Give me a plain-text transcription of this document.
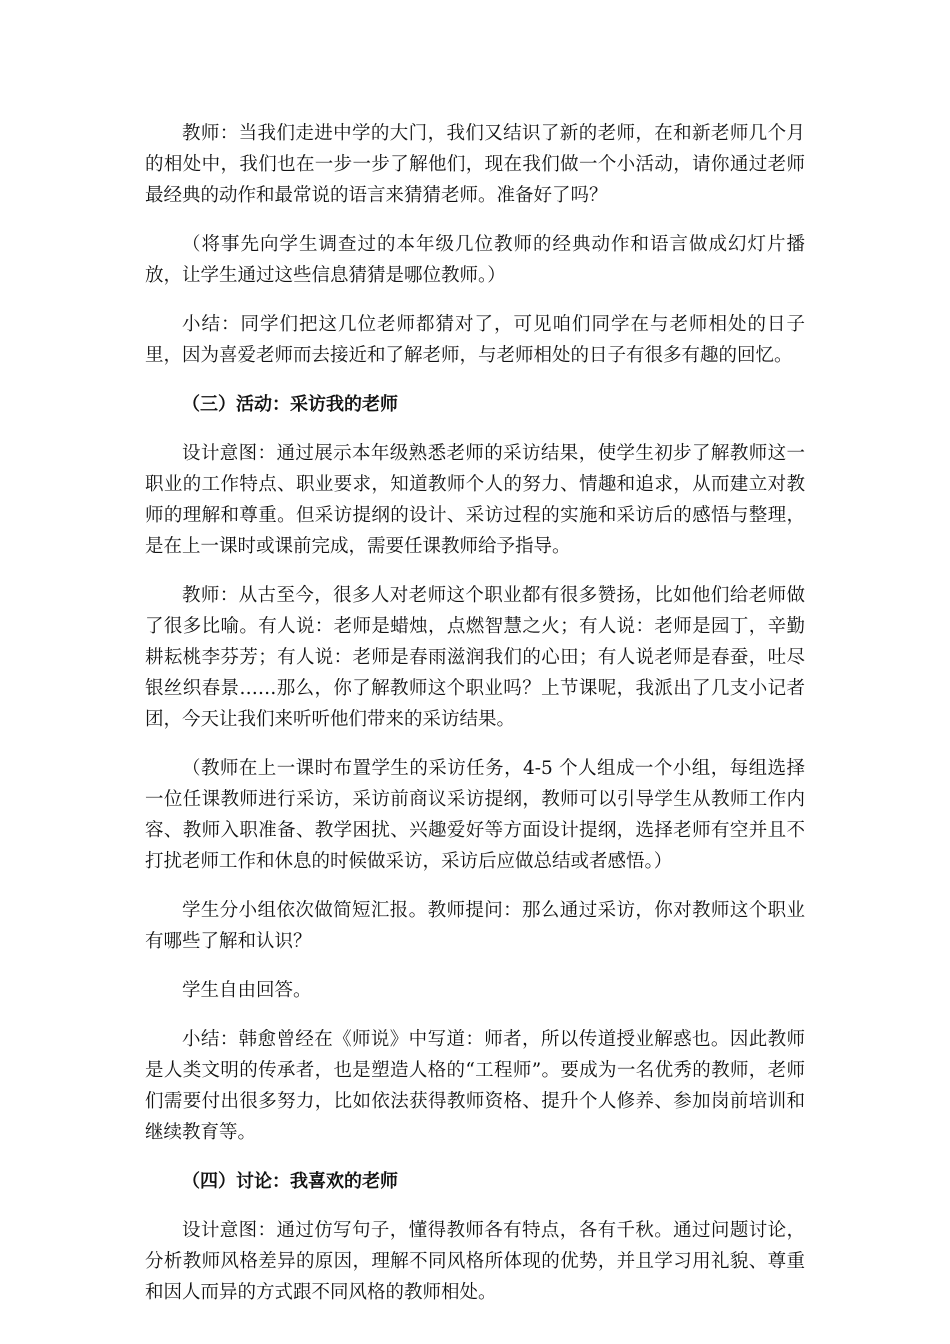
教师：当我们走进中学的大门，我们又结识了新的老师，在和新老师几个月的相处中，我们也在一步一步了解他们，现在我们做一个小活动，请你通过老师最经典的动作和最常说的语言来猜猜老师。准备好了吗？

（将事先向学生调查过的本年级几位教师的经典动作和语言做成幻灯片播放，让学生通过这些信息猜猜是哪位教师。）

小结：同学们把这几位老师都猜对了，可见咱们同学在与老师相处的日子里，因为喜爱老师而去接近和了解老师，与老师相处的日子有很多有趣的回忆。

（三）活动：采访我的老师

设计意图：通过展示本年级熟悉老师的采访结果，使学生初步了解教师这一职业的工作特点、职业要求，知道教师个人的努力、情趣和追求，从而建立对教师的理解和尊重。但采访提纲的设计、采访过程的实施和采访后的感悟与整理，是在上一课时或课前完成，需要任课教师给予指导。

教师：从古至今，很多人对老师这个职业都有很多赞扬，比如他们给老师做了很多比喻。有人说：老师是蜡烛，点燃智慧之火；有人说：老师是园丁，辛勤耕耘桃李芬芳；有人说：老师是春雨滋润我们的心田；有人说老师是春蚕，吐尽银丝织春景……那么，你了解教师这个职业吗？上节课呢，我派出了几支小记者团，今天让我们来听听他们带来的采访结果。

（教师在上一课时布置学生的采访任务，4-5 个人组成一个小组，每组选择一位任课教师进行采访，采访前商议采访提纲，教师可以引导学生从教师工作内容、教师入职准备、教学困扰、兴趣爱好等方面设计提纲，选择老师有空并且不打扰老师工作和休息的时候做采访，采访后应做总结或者感悟。）

学生分小组依次做简短汇报。教师提问：那么通过采访，你对教师这个职业有哪些了解和认识？

学生自由回答。

小结：韩愈曾经在《师说》中写道：师者，所以传道授业解惑也。因此教师是人类文明的传承者，也是塑造人格的“工程师”。要成为一名优秀的教师，老师们需要付出很多努力，比如依法获得教师资格、提升个人修养、参加岗前培训和继续教育等。

（四）讨论：我喜欢的老师

设计意图：通过仿写句子，懂得教师各有特点，各有千秋。通过问题讨论，分析教师风格差异的原因，理解不同风格所体现的优势，并且学习用礼貌、尊重和因人而异的方式跟不同风格的教师相处。
